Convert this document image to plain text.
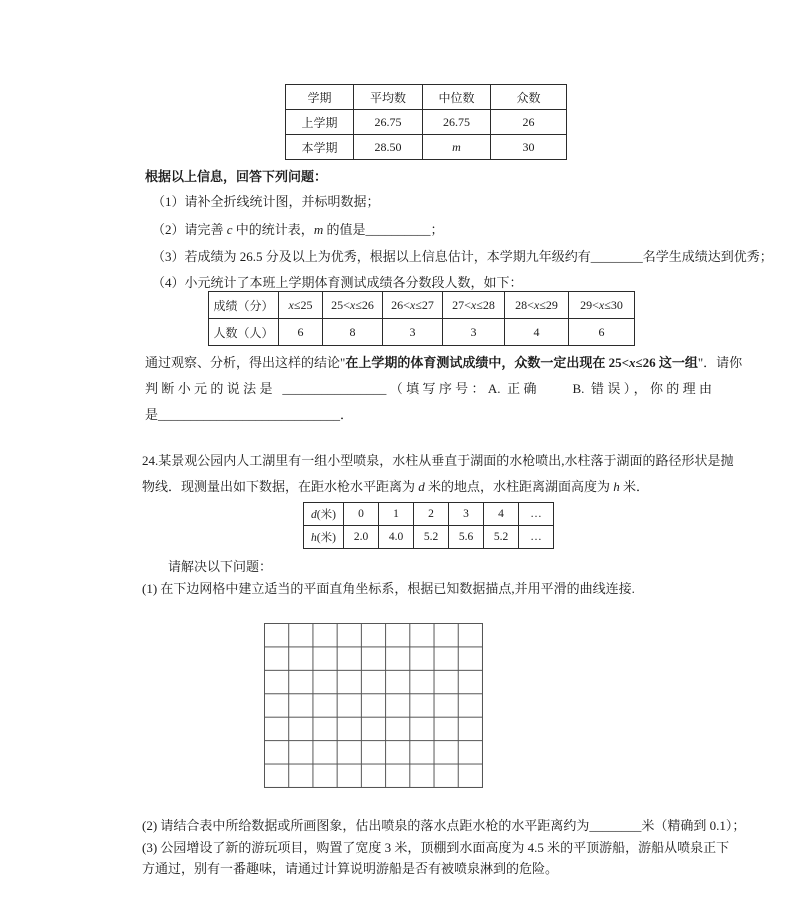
学期	平均数	中位数	众数
上学期	26.75	26.75	26
本学期	28.50	m	30
根据以上信息，回答下列问题：
（1）请补全折线统计图，并标明数据；
（2）请完善 c 中的统计表，m 的值是__________；
（3）若成绩为 26.5 分及以上为优秀，根据以上信息估计，本学期九年级约有________名学生成绩达到优秀；
（4）小元统计了本班上学期体育测试成绩各分数段人数，如下：
成绩（分）	x≤25	25<x≤26	26<x≤27	27<x≤28	28<x≤29	29<x≤30
人数（人）	6	8	3	3	4	6
通过观察、分析，得出这样的结论"在上学期的体育测试成绩中，众数一定出现在 25<x≤26 这一组"．请你
判断小元的说法是 ________________（填写序号：A. 正确　　B. 错误），你的理由
是____________________________．
24.某景观公园内人工湖里有一组小型喷泉，水柱从垂直于湖面的水枪喷出,水柱落于湖面的路径形状是抛
物线．现测量出如下数据，在距水枪水平距离为 d 米的地点，水柱距离湖面高度为 h 米．
d(米)	0	1	2	3	4	…
h(米)	2.0	4.0	5.2	5.6	5.2	…
请解决以下问题：
(1) 在下边网格中建立适当的平面直角坐标系，根据已知数据描点,并用平滑的曲线连接.
(2) 请结合表中所给数据或所画图象，估出喷泉的落水点距水枪的水平距离约为________米（精确到 0.1）；
(3) 公园增设了新的游玩项目，购置了宽度 3 米，顶棚到水面高度为 4.5 米的平顶游船，游船从喷泉正下
方通过，别有一番趣味，请通过计算说明游船是否有被喷泉淋到的危险。
